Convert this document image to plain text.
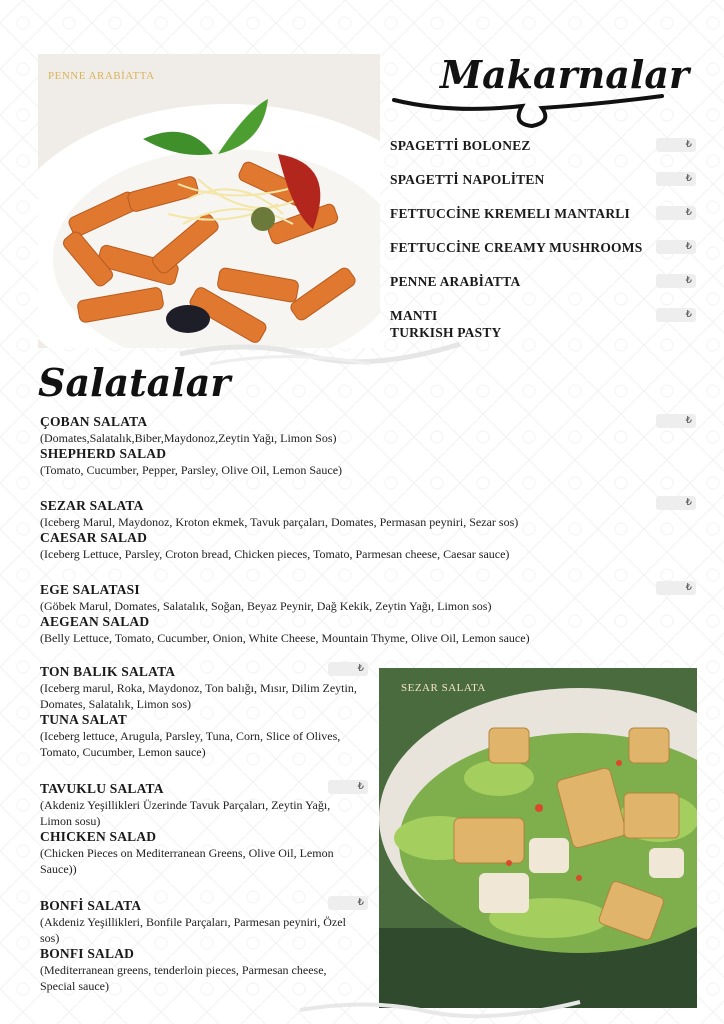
PENNE ARABİATTA	Makarnalar
SPAGETTİ BOLONEZ	₺
SPAGETTİ NAPOLİTEN	₺
FETTUCCİNE KREMELI MANTARLI	₺
FETTUCCİNE CREAMY MUSHROOMS	₺
PENNE ARABİATTA	₺
MANTI
TURKISH PASTY
₺
Salatalar

ÇOBAN SALATA

(Domates,Salatalık,Biber,Maydonoz,Zeytin Yağı, Limon Sos)

SHEPHERD SALAD

(Tomato, Cucumber, Pepper, Parsley, Olive Oil, Lemon Sauce)

₺

SEZAR SALATA

(Iceberg Marul, Maydonoz, Kroton ekmek, Tavuk parçaları, Domates, Permasan peyniri, Sezar sos)

CAESAR SALAD

(Iceberg Lettuce, Parsley, Croton bread, Chicken pieces, Tomato, Parmesan cheese, Caesar sauce)

₺

EGE SALATASI

(Göbek Marul, Domates, Salatalık, Soğan, Beyaz Peynir, Dağ Kekik, Zeytin Yağı, Limon sos)

AEGEAN SALAD

(Belly Lettuce, Tomato, Cucumber, Onion, White Cheese, Mountain Thyme, Olive Oil, Lemon sauce)

₺

TON BALIK SALATA

(Iceberg marul, Roka, Maydonoz, Ton balığı, Mısır, Dilim Zeytin, Domates, Salatalık, Limon sos)

TUNA SALAT

(Iceberg lettuce, Arugula, Parsley, Tuna, Corn, Slice of Olives, Tomato, Cucumber, Lemon sauce)

₺

TAVUKLU SALATA

(Akdeniz Yeşillikleri Üzerinde Tavuk Parçaları, Zeytin Yağı, Limon sosu)

CHICKEN SALAD

(Chicken Pieces on Mediterranean Greens, Olive Oil, Lemon Sauce))

₺

BONFİ SALATA

(Akdeniz Yeşillikleri, Bonfile Parçaları, Parmesan peyniri, Özel sos)

BONFI SALAD

(Mediterranean greens, tenderloin pieces, Parmesan cheese, Special sauce)

₺
SEZAR SALATA
